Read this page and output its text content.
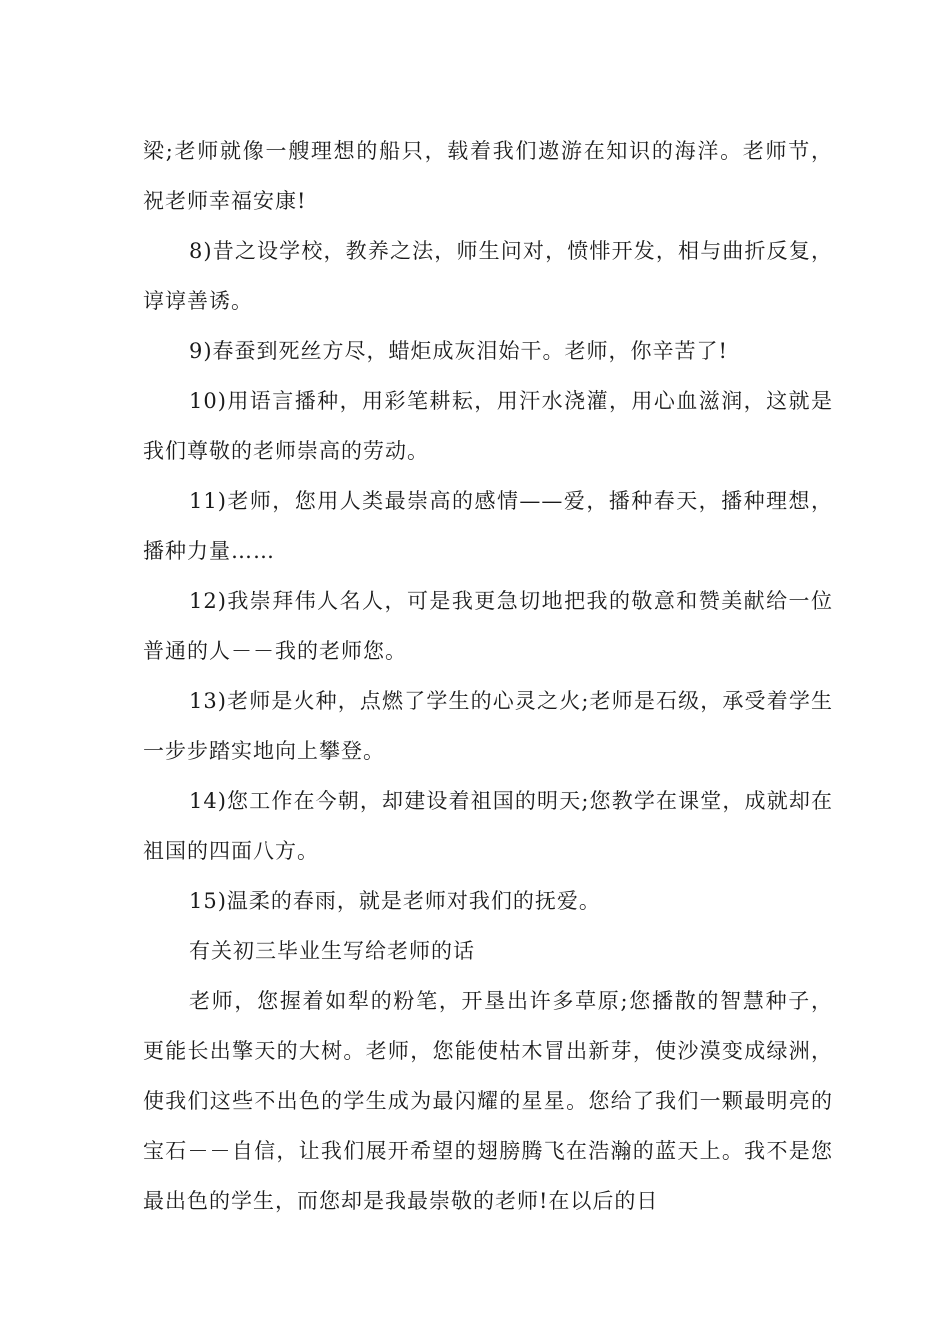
梁;老师就像一艘理想的船只，载着我们遨游在知识的海洋。老师节，祝老师幸福安康!

8)昔之设学校，教养之法，师生问对，愤悱开发，相与曲折反复，谆谆善诱。

9)春蚕到死丝方尽，蜡炬成灰泪始干。老师，你辛苦了!

10)用语言播种，用彩笔耕耘，用汗水浇灌，用心血滋润，这就是我们尊敬的老师崇高的劳动。

11)老师，您用人类最崇高的感情——爱，播种春天，播种理想，播种力量……

12)我崇拜伟人名人，可是我更急切地把我的敬意和赞美献给一位普通的人－－我的老师您。

13)老师是火种，点燃了学生的心灵之火;老师是石级，承受着学生一步步踏实地向上攀登。

14)您工作在今朝，却建设着祖国的明天;您教学在课堂，成就却在祖国的四面八方。

15)温柔的春雨，就是老师对我们的抚爱。

有关初三毕业生写给老师的话

老师，您握着如犁的粉笔，开垦出许多草原;您播散的智慧种子，更能长出擎天的大树。老师，您能使枯木冒出新芽，使沙漠变成绿洲，使我们这些不出色的学生成为最闪耀的星星。您给了我们一颗最明亮的宝石－－自信，让我们展开希望的翅膀腾飞在浩瀚的蓝天上。我不是您最出色的学生，而您却是我最崇敬的老师!在以后的日
